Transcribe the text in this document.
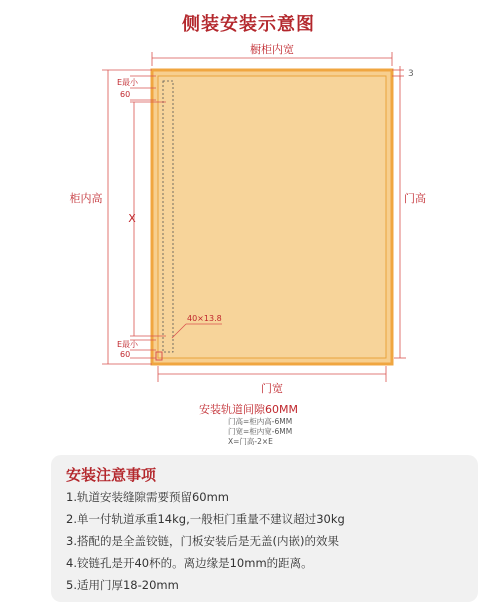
侧装安装示意图
橱柜内宽
3
柜内高
X
E最小
60
E最小
60
40×13.8
门高
门宽
安装轨道间隙60MM
门高=柜内高-6MM
门宽=柜内宽-6MM
X=门高-2×E
安装注意事项
1.轨道安装缝隙需要预留60mm
2.单一付轨道承重14kg,一般柜门重量不建议超过30kg
3.搭配的是全盖铰链，门板安装后是无盖(内嵌)的效果
4.铰链孔是开40杯的。离边缘是10mm的距离。
5.适用门厚18-20mm
